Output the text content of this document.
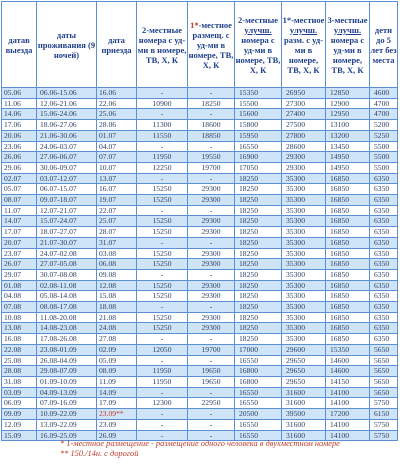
датав выезда	даты проживания (9 ночей)	дата приезда	2-местные номера с уд-ми в номере, ТВ, Х, К	1*-местное размещ. с уд-ми в номере, ТВ, Х, К	2-местные улучш. номера с уд-ми в номере, ТВ, Х, К	1*-местное улучш. разм. с уд-ми в номере, ТВ, Х, К	3-местные улучш. номера с уд-ми в номере, ТВ, Х, К	дети до 5 лет без места
05.06	06.06-15.06	16.06	-	-	15350	26950	12850	4600
11.06	12.06-21.06	22.06	10900	18250	15500	27300	12900	4700
14.06	15.06-24.06	25.06	-	-	15600	27400	12950	4700
17.06	18.06-27.06	28.06	11300	18600	15800	27500	13100	5200
20.06	21.06-30.06	01.07	11550	18850	15950	27800	13200	5250
23.06	24.06-03.07	04.07	-	-	16550	28600	13450	5500
26.06	27.06-06.07	07.07	11950	19550	16900	29300	14950	5500
29.06	30.06-09.07	10.07	12250	19700	17050	29300	14950	5500
02.07	03.07-12.07	13.07	-	-	18250	35300	16850	6350
05.07	06.07-15.07	16.07	15250	29300	18250	35300	16850	6350
08.07	09.07-18.07	19.07	15250	29300	18250	35300	16850	6350
11.07	12.07-21.07	22.07	-	-	18250	35300	16850	6350
14.07	15.07-24.07	25.07	15250	29300	18250	35300	16850	6350
17.07	18.07-27.07	28.07	15250	29300	18250	35300	16850	6350
20.07	21.07-30.07	31.07	-	-	18250	35300	16850	6350
23.07	24.07-02.08	03.08	15250	29300	18250	35300	16850	6350
26.07	27.07-05.08	06.08	15250	29300	18250	35300	16850	6350
29.07	30.07-08.08	09.08	-	-	18250	35300	16850	6350
01.08	02.08-11.08	12.08	15250	29300	18250	35300	16850	6350
04.08	05.08-14.08	15.08	15250	29300	18250	35300	16850	6350
07.08	08.08-17.08	18.08	-	-	18250	35300	16850	6350
10.08	11.08-20.08	21.08	15250	29300	18250	35300	16850	6350
13.08	14.08-23.08	24.08	15250	29300	18250	35300	16850	6350
16.08	17.08-26.08	27.08	-	-	18250	35300	16850	6350
22.08	23.08-01.09	02.09	12050	19700	17000	29600	15350	5650
25.08	26.08-04.09	05.09	-	-	16550	29650	14600	5650
28.08	29.08-07.09	08.09	11950	19650	16800	29650	14600	5650
31.08	01.09-10.09	11.09	11950	19650	16800	29650	14150	5650
03.09	04.09-13.09	14.09	-	-	16550	31600	14100	5650
06.09	07.09-16.09	17.09	12300	22950	16550	31600	14100	5750
09.09	10.09-22.09	23.09**	-	-	20500	39500	17200	6150
12.09	13.09-22.09	23.09	-	-	16550	31600	14100	5750
15.09	16.09-25.09	26.09	-	-	16550	31600	14100	5750
* 1-местное размещение - размещение одного человека в двухместном номере
** 150./14н. с дорогой
